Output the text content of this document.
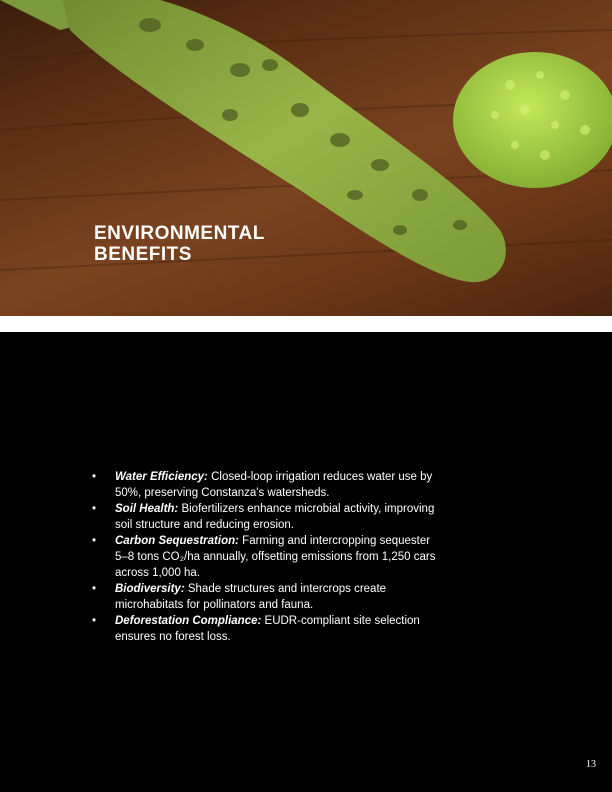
ENVIRONMENTAL
BENEFITS
• Water Efficiency: Closed-loop irrigation reduces water use by 50%, preserving Constanza's watersheds.
• Soil Health: Biofertilizers enhance microbial activity, improving soil structure and reducing erosion.
• Carbon Sequestration: Farming and intercropping sequester 5–8 tons CO₂/ha annually, offsetting emissions from 1,250 cars across 1,000 ha.
• Biodiversity: Shade structures and intercrops create microhabitats for pollinators and fauna.
• Deforestation Compliance: EUDR-compliant site selection ensures no forest loss.
13
